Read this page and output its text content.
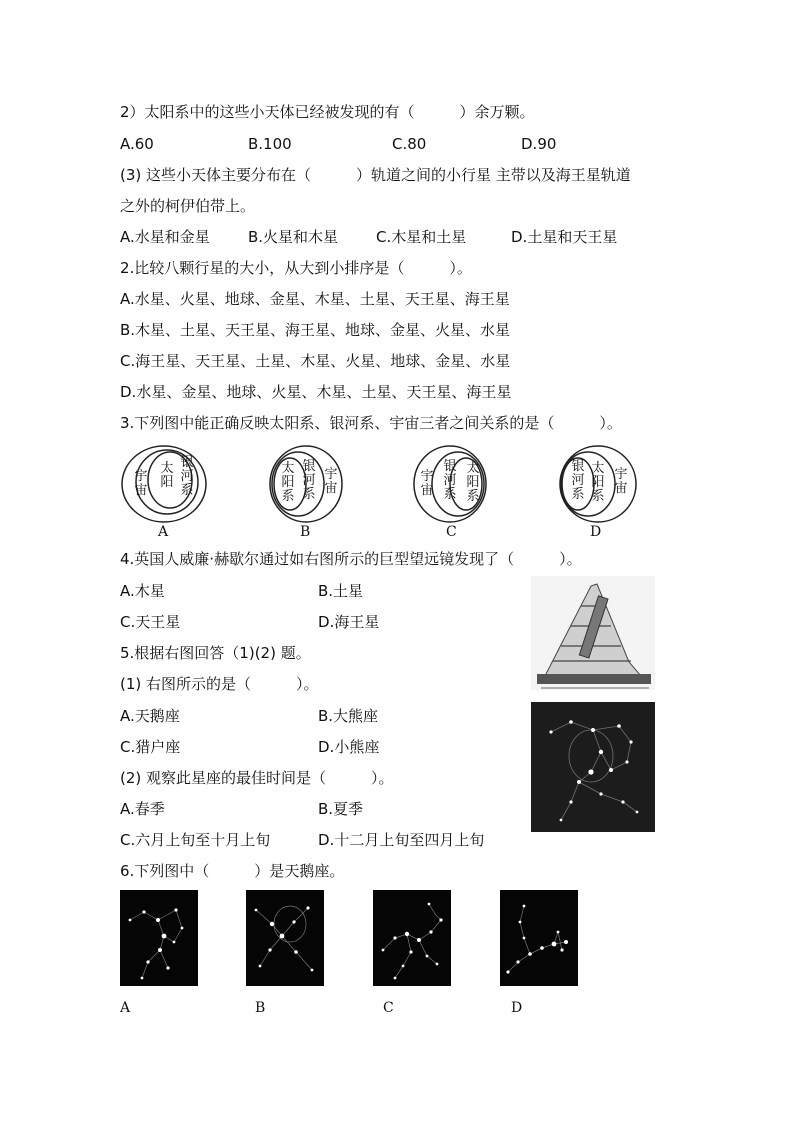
2）太阳系中的这些小天体已经被发现的有（　　　）余万颗。
A.60	B.100	C.80	D.90
(3) 这些小天体主要分布在（　　　）轨道之间的小行星 主带以及海王星轨道
之外的柯伊伯带上。
A.水星和金星	B.火星和木星	C.木星和土星	D.土星和天王星
2.比较八颗行星的大小，从大到小排序是（　　　）。
A.水星、火星、地球、金星、木星、土星、天王星、海王星
B.木星、土星、天王星、海王星、地球、金星、火星、水星
C.海王星、天王星、土星、木星、火星、地球、金星、水星
D.水星、金星、地球、火星、木星、土星、天王星、海王星
3.下列图中能正确反映太阳系、银河系、宇宙三者之间关系的是（　　　）。
宇宙
太阳
银河系
A
宇宙
银河系
太阳系
B
宇宙
银河系
太阳系
C
宇宙
太阳系
银河系
D
4.英国人威廉·赫歇尔通过如右图所示的巨型望远镜发现了（　　　）。
A.木星	B.土星
C.天王星	D.海王星
5.根据右图回答（1)(2) 题。
(1) 右图所示的是（　　　）。
A.天鹅座	B.大熊座
C.猎户座	D.小熊座
(2) 观察此星座的最佳时间是（　　　）。
A.春季	B.夏季
C.六月上旬至十月上旬	D.十二月上旬至四月上旬
6.下列图中（　　　）是天鹅座。
A	B	C	D
